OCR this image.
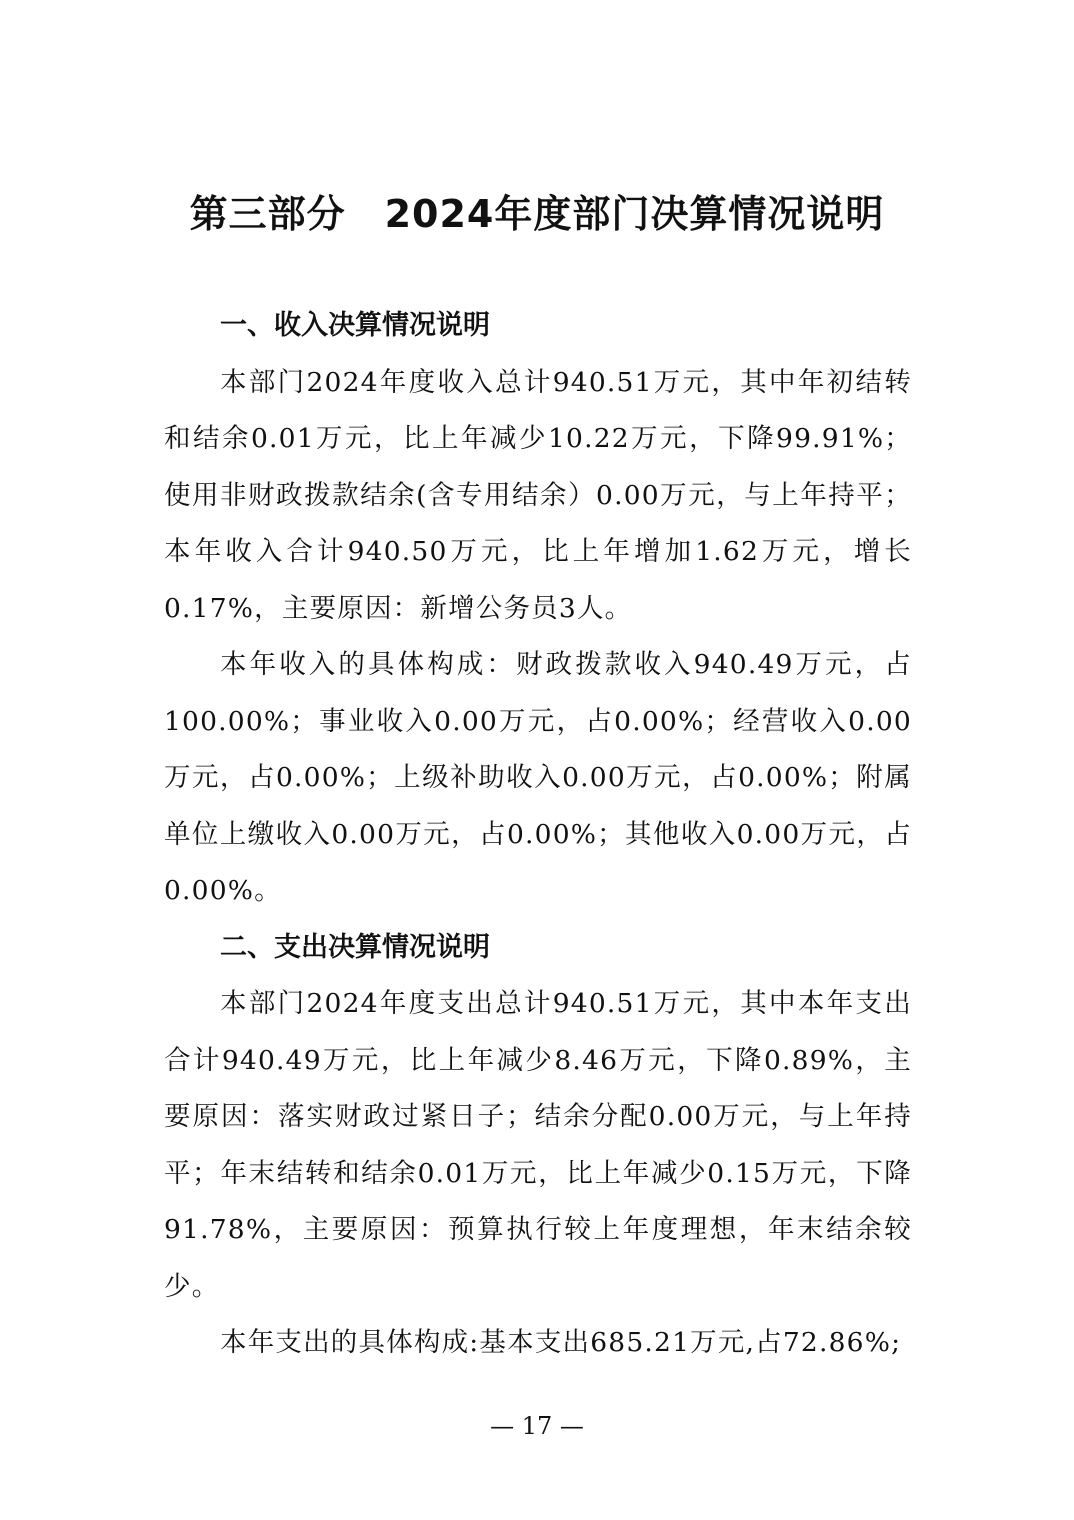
第三部分　2024年度部门决算情况说明

一、收入决算情况说明

本部门2024年度收入总计940.51万元，其中年初结转和结余0.01万元，比上年减少10.22万元，下降99.91%；使用非财政拨款结余(含专用结余）0.00万元，与上年持平；本年收入合计940.50万元，比上年增加1.62万元，增长0.17%，主要原因：新增公务员3人。

本年收入的具体构成：财政拨款收入940.49万元，占100.00%；事业收入0.00万元，占0.00%；经营收入0.00万元，占0.00%；上级补助收入0.00万元，占0.00%；附属单位上缴收入0.00万元，占0.00%；其他收入0.00万元，占0.00%。

二、支出决算情况说明

本部门2024年度支出总计940.51万元，其中本年支出合计940.49万元，比上年减少8.46万元，下降0.89%，主要原因：落实财政过紧日子；结余分配0.00万元，与上年持平；年末结转和结余0.01万元，比上年减少0.15万元，下降91.78%，主要原因：预算执行较上年度理想，年末结余较少。

本年支出的具体构成:基本支出685.21万元,占72.86%;

— 17 —
